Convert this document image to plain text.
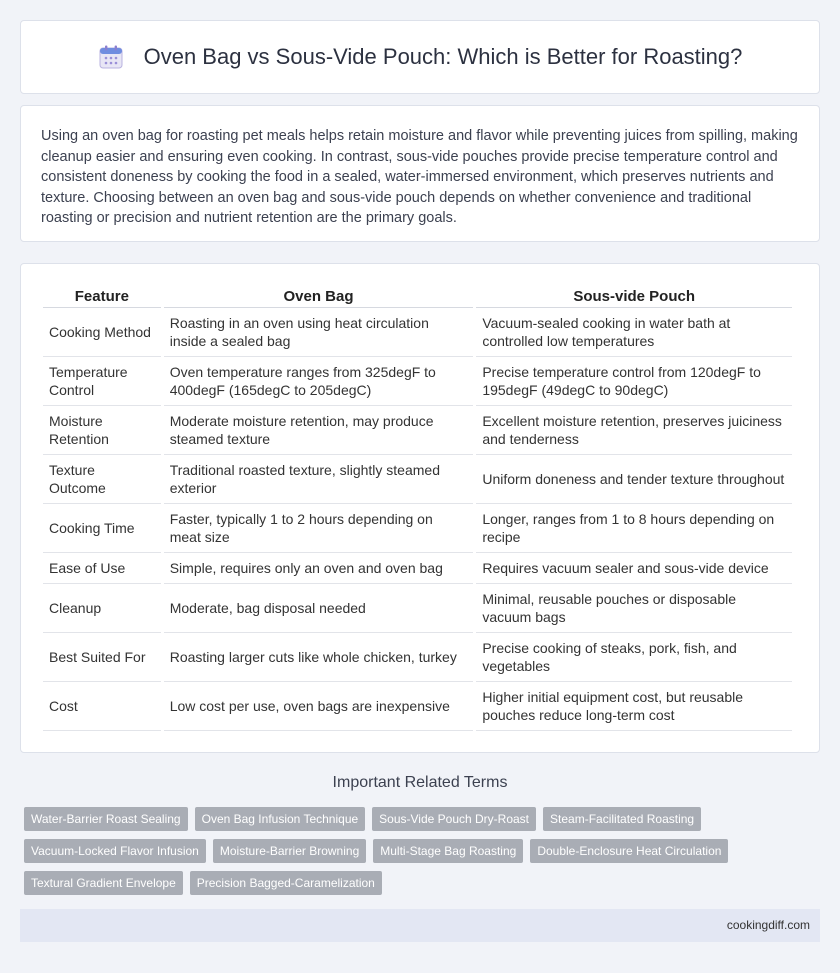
Oven Bag vs Sous-Vide Pouch: Which is Better for Roasting?

Using an oven bag for roasting pet meals helps retain moisture and flavor while preventing juices from spilling, making cleanup easier and ensuring even cooking. In contrast, sous-vide pouches provide precise temperature control and consistent doneness by cooking the food in a sealed, water-immersed environment, which preserves nutrients and texture. Choosing between an oven bag and sous-vide pouch depends on whether convenience and traditional roasting or precision and nutrient retention are the primary goals.

Feature	Oven Bag	Sous-vide Pouch
Cooking Method	Roasting in an oven using heat circulation inside a sealed bag	Vacuum-sealed cooking in water bath at controlled low temperatures
Temperature Control	Oven temperature ranges from 325degF to 400degF (165degC to 205degC)	Precise temperature control from 120degF to 195degF (49degC to 90degC)
Moisture Retention	Moderate moisture retention, may produce steamed texture	Excellent moisture retention, preserves juiciness and tenderness
Texture Outcome	Traditional roasted texture, slightly steamed exterior	Uniform doneness and tender texture throughout
Cooking Time	Faster, typically 1 to 2 hours depending on meat size	Longer, ranges from 1 to 8 hours depending on recipe
Ease of Use	Simple, requires only an oven and oven bag	Requires vacuum sealer and sous-vide device
Cleanup	Moderate, bag disposal needed	Minimal, reusable pouches or disposable vacuum bags
Best Suited For	Roasting larger cuts like whole chicken, turkey	Precise cooking of steaks, pork, fish, and vegetables
Cost	Low cost per use, oven bags are inexpensive	Higher initial equipment cost, but reusable pouches reduce long-term cost
Important Related Terms
Water-Barrier Roast Sealing	Oven Bag Infusion Technique	Sous-Vide Pouch Dry-Roast	Steam-Facilitated Roasting
Vacuum-Locked Flavor Infusion	Moisture-Barrier Browning	Multi-Stage Bag Roasting	Double-Enclosure Heat Circulation
Textural Gradient Envelope	Precision Bagged-Caramelization
cookingdiff.com
